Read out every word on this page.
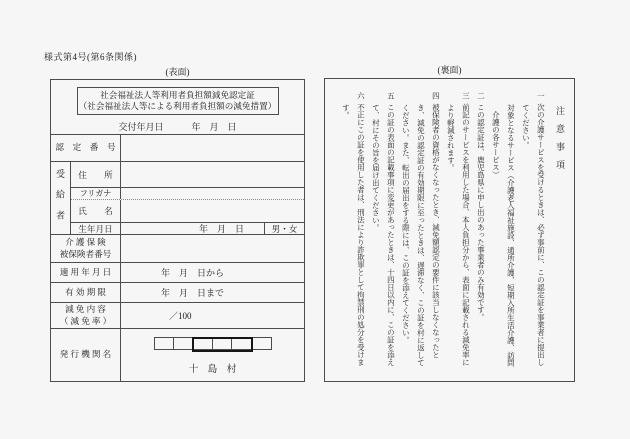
様式第4号(第6条関係)
(表面)	(裏面)
社会福祉法人等利用者負担額減免認定証
（社会福祉法人等による利用者負担額の減免措置）
交付年月日	年　月　日
認　定　番　号
受給者	住　　所
フリガナ
氏　　名
生年月日	年　月　日	男・女
介 護 保 険
被保険者番号
適 用 年 月 日	年　月　日から
有 効 期 限	年　月　日まで
減 免 内 容
（ 減 免 率 ）	／100
発 行 機 関 名
十　島　村
注　意　事　項

一次の介護サービスを受けるときは、必ず事前に、この認定証を事業者に提出してください。

対象となるサービス（介護老人福祉施設、通所介護、短期入所生活介護、訪問介護の各サービス）

二この認定証は、鹿児島県に申し出のあった事業者のみ有効です。

三前記のサービスを利用した場合、本人負担分から、表面に記載される減免率により軽減されます。

四被保険者の資格がなくなったとき、減免額認定の要件に該当しなくなったとき、減免の認定証の有効期限に至ったときは、遅滞なく、この証を村に返してください。また、転出の届出をする際には、この証を添えてください。

五この証の表面の記載事項に変更があったときは、十四日以内に、この証を添えて、村にその旨を届け出てください。

六不正にこの証を使用した者は、刑法により詐欺罪として拘禁刑の処分を受けます。
